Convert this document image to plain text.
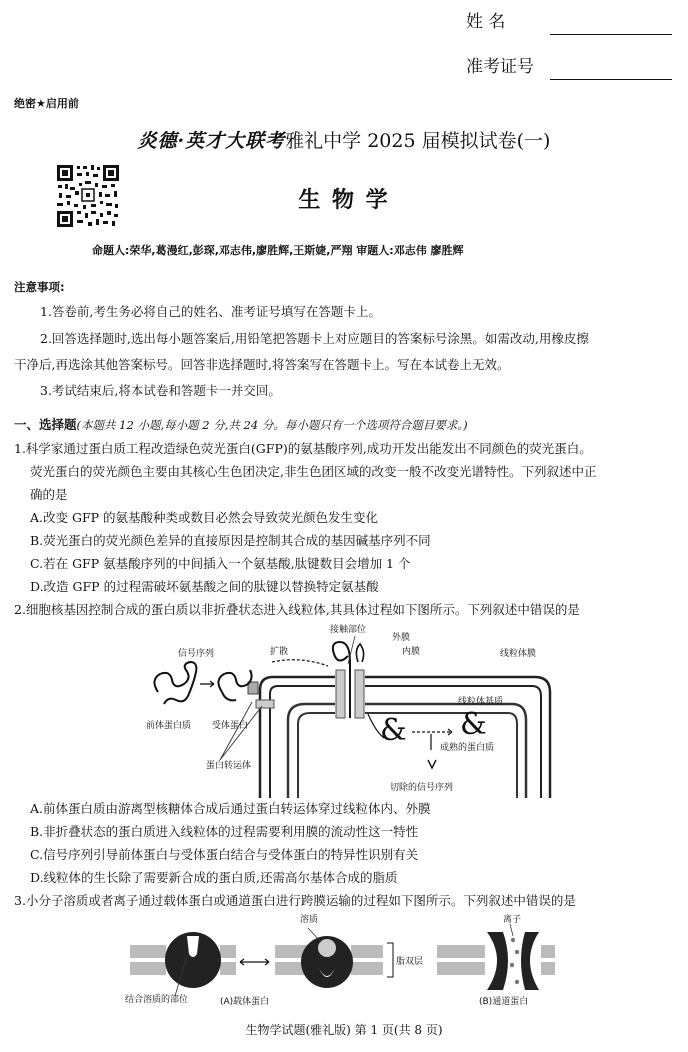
姓 名
准考证号
绝密★启用前
炎德·英才大联考雅礼中学 2025 届模拟试卷(一)
生 物 学
命题人:荣华,葛漫红,彭琛,邓志伟,廖胜辉,王斯婕,严翔 审题人:邓志伟 廖胜辉
注意事项:
1.答卷前,考生务必将自己的姓名、准考证号填写在答题卡上。
2.回答选择题时,选出每小题答案后,用铅笔把答题卡上对应题目的答案标号涂黑。如需改动,用橡皮擦
干净后,再选涂其他答案标号。回答非选择题时,将答案写在答题卡上。写在本试卷上无效。
3.考试结束后,将本试卷和答题卡一并交回。
一、选择题(本题共 12 小题,每小题 2 分,共 24 分。每小题只有一个选项符合题目要求。)
1.科学家通过蛋白质工程改造绿色荧光蛋白(GFP)的氨基酸序列,成功开发出能发出不同颜色的荧光蛋白。
荧光蛋白的荧光颜色主要由其核心生色团决定,非生色团区域的改变一般不改变光谱特性。下列叙述中正
确的是
A.改变 GFP 的氨基酸种类或数目必然会导致荧光颜色发生变化
B.荧光蛋白的荧光颜色差异的直接原因是控制其合成的基因碱基序列不同
C.若在 GFP 氨基酸序列的中间插入一个氨基酸,肽键数目会增加 1 个
D.改造 GFP 的过程需破坏氨基酸之间的肽键以替换特定氨基酸
2.细胞核基因控制合成的蛋白质以非折叠状态进入线粒体,其具体过程如下图所示。下列叙述中错误的是
& &
信号序列
前体蛋白质 受体蛋白
扩散
接触部位
外膜
内膜	线粒体膜
线粒体基质
成熟的蛋白质
蛋白转运体
切除的信号序列
A.前体蛋白质由游离型核糖体合成后通过蛋白转运体穿过线粒体内、外膜
B.非折叠状态的蛋白质进入线粒体的过程需要利用膜的流动性这一特性
C.信号序列引导前体蛋白与受体蛋白结合与受体蛋白的特异性识别有关
D.线粒体的生长除了需要新合成的蛋白质,还需高尔基体合成的脂质
3.小分子溶质或者离子通过载体蛋白或通道蛋白进行跨膜运输的过程如下图所示。下列叙述中错误的是
溶质	离子
脂双层
结合溶质的部位	(A)载体蛋白	(B)通道蛋白
生物学试题(雅礼版) 第 1 页(共 8 页)
